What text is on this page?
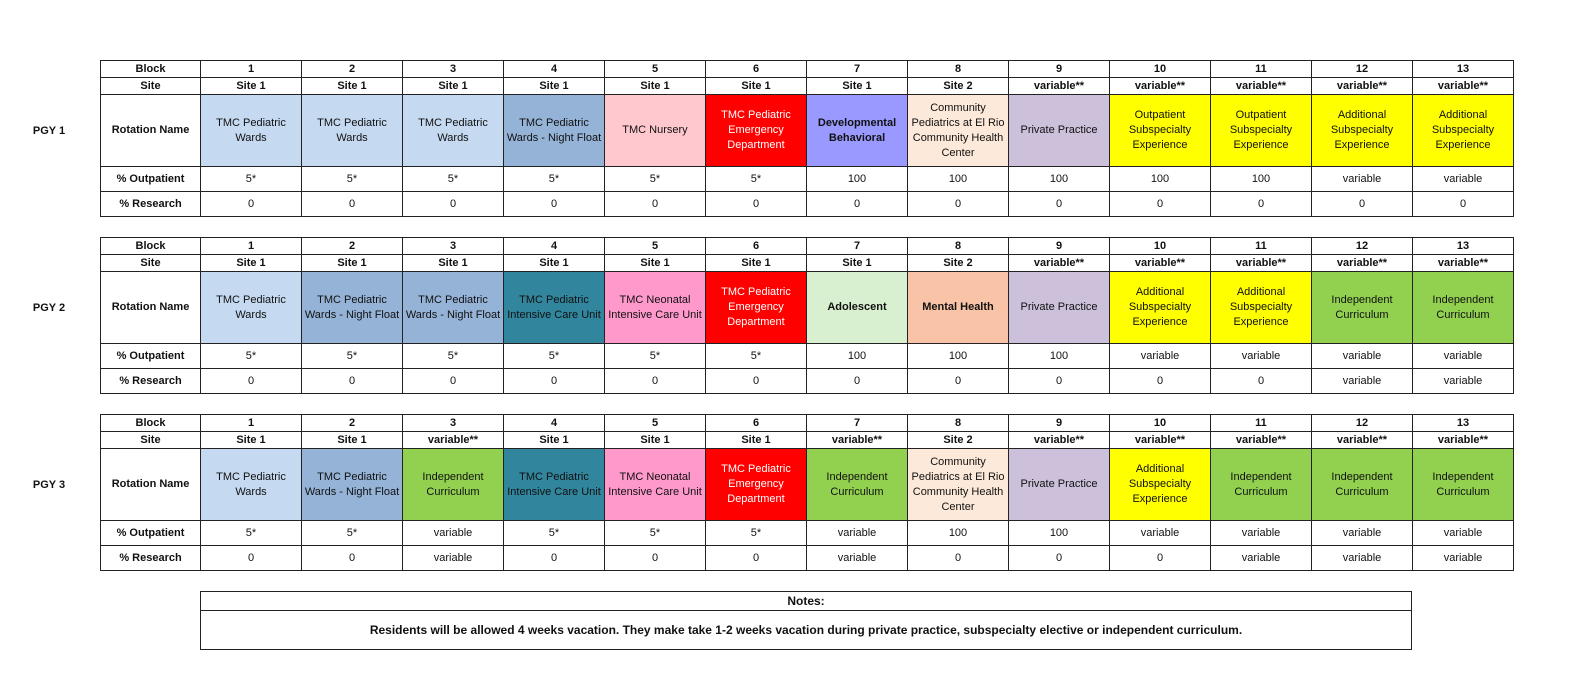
PGY 1
Block	1	2	3	4	5	6	7	8	9	10	11	12	13
Site	Site 1	Site 1	Site 1	Site 1	Site 1	Site 1	Site 1	Site 2	variable**	variable**	variable**	variable**	variable**
Rotation Name	TMC Pediatric Wards	TMC Pediatric Wards	TMC Pediatric Wards	TMC Pediatric Wards - Night Float	TMC Nursery	TMC Pediatric Emergency Department	Developmental Behavioral	Community Pediatrics at El Rio Community Health Center	Private Practice	Outpatient Subspecialty Experience	Outpatient Subspecialty Experience	Additional Subspecialty Experience	Additional Subspecialty Experience
% Outpatient	5*	5*	5*	5*	5*	5*	100	100	100	100	100	variable	variable
% Research	0	0	0	0	0	0	0	0	0	0	0	0	0
PGY 2
Block	1	2	3	4	5	6	7	8	9	10	11	12	13
Site	Site 1	Site 1	Site 1	Site 1	Site 1	Site 1	Site 1	Site 2	variable**	variable**	variable**	variable**	variable**
Rotation Name	TMC Pediatric Wards	TMC Pediatric Wards - Night Float	TMC Pediatric Wards - Night Float	TMC Pediatric Intensive Care Unit	TMC Neonatal Intensive Care Unit	TMC Pediatric Emergency Department	Adolescent	Mental Health	Private Practice	Additional Subspecialty Experience	Additional Subspecialty Experience	Independent Curriculum	Independent Curriculum
% Outpatient	5*	5*	5*	5*	5*	5*	100	100	100	variable	variable	variable	variable
% Research	0	0	0	0	0	0	0	0	0	0	0	variable	variable
PGY 3
Block	1	2	3	4	5	6	7	8	9	10	11	12	13
Site	Site 1	Site 1	variable**	Site 1	Site 1	Site 1	variable**	Site 2	variable**	variable**	variable**	variable**	variable**
Rotation Name	TMC Pediatric Wards	TMC Pediatric Wards - Night Float	Independent Curriculum	TMC Pediatric Intensive Care Unit	TMC Neonatal Intensive Care Unit	TMC Pediatric Emergency Department	Independent Curriculum	Community Pediatrics at El Rio Community Health Center	Private Practice	Additional Subspecialty Experience	Independent Curriculum	Independent Curriculum	Independent Curriculum
% Outpatient	5*	5*	variable	5*	5*	5*	variable	100	100	variable	variable	variable	variable
% Research	0	0	variable	0	0	0	variable	0	0	0	variable	variable	variable
Notes:
Residents will be allowed 4 weeks vacation. They make take 1-2 weeks vacation during private practice, subspecialty elective or independent curriculum.
